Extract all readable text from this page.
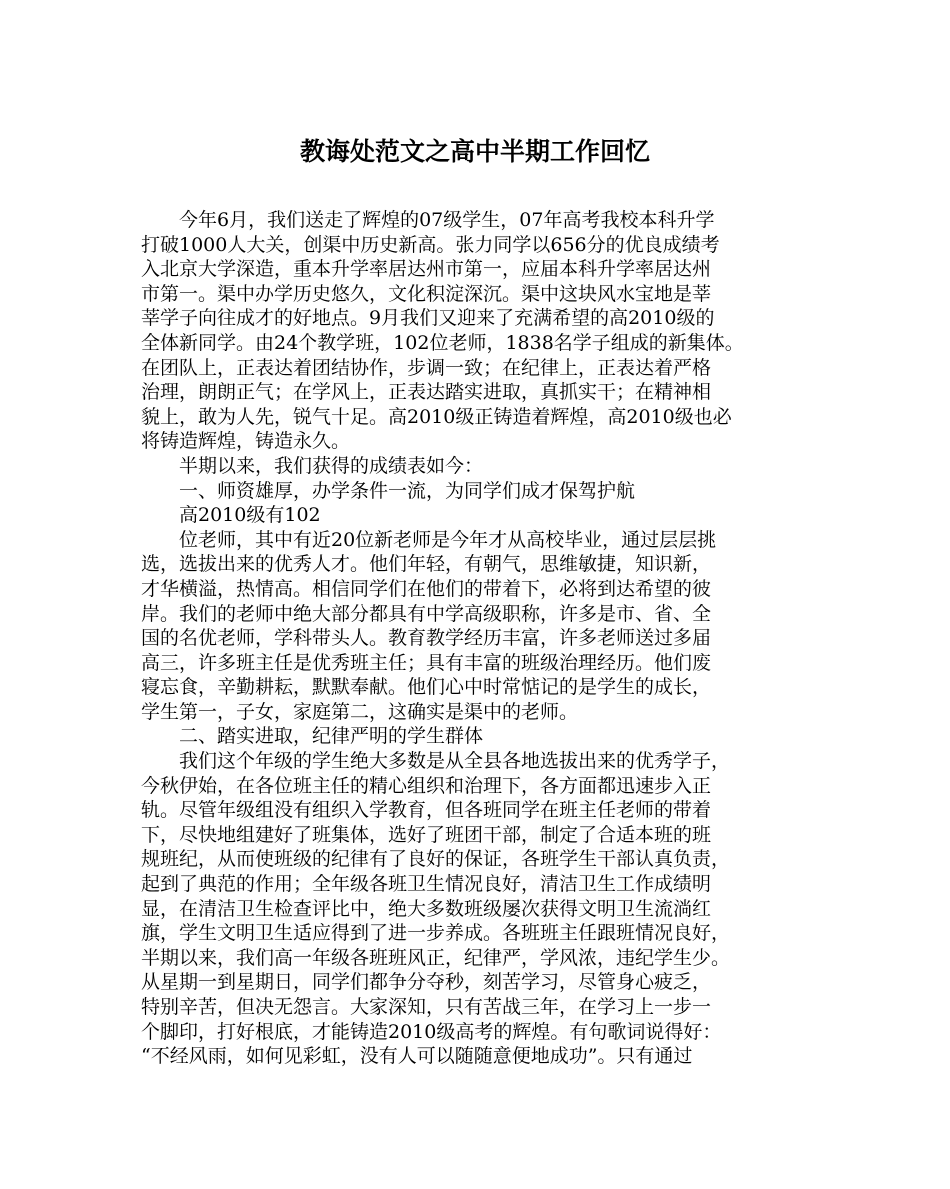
教诲处范文之高中半期工作回忆

　　今年6月，我们送走了辉煌的07级学生，07年高考我校本科升学

打破1000人大关，创渠中历史新高。张力同学以656分的优良成绩考

入北京大学深造，重本升学率居达州市第一，应届本科升学率居达州

市第一。渠中办学历史悠久，文化积淀深沉。渠中这块风水宝地是莘

莘学子向往成才的好地点。9月我们又迎来了充满希望的高2010级的

全体新同学。由24个教学班，102位老师，1838名学子组成的新集体。

在团队上，正表达着团结协作，步调一致；在纪律上，正表达着严格

治理，朗朗正气；在学风上，正表达踏实进取，真抓实干；在精神相

貌上，敢为人先，锐气十足。高2010级正铸造着辉煌，高2010级也必

将铸造辉煌，铸造永久。

　　半期以来，我们获得的成绩表如今：

　　一、师资雄厚，办学条件一流，为同学们成才保驾护航

　　高2010级有102

　　位老师，其中有近20位新老师是今年才从高校毕业，通过层层挑

选，选拔出来的优秀人才。他们年轻，有朝气，思维敏捷，知识新，

才华横溢，热情高。相信同学们在他们的带着下，必将到达希望的彼

岸。我们的老师中绝大部分都具有中学高级职称，许多是市、省、全

国的名优老师，学科带头人。教育教学经历丰富，许多老师送过多届

高三，许多班主任是优秀班主任；具有丰富的班级治理经历。他们废

寝忘食，辛勤耕耘，默默奉献。他们心中时常惦记的是学生的成长，

学生第一，子女，家庭第二，这确实是渠中的老师。

　　二、踏实进取，纪律严明的学生群体

　　我们这个年级的学生绝大多数是从全县各地选拔出来的优秀学子，

今秋伊始，在各位班主任的精心组织和治理下，各方面都迅速步入正

轨。尽管年级组没有组织入学教育，但各班同学在班主任老师的带着

下，尽快地组建好了班集体，选好了班团干部，制定了合适本班的班

规班纪，从而使班级的纪律有了良好的保证，各班学生干部认真负责，

起到了典范的作用；全年级各班卫生情况良好，清洁卫生工作成绩明

显，在清洁卫生检查评比中，绝大多数班级屡次获得文明卫生流淌红

旗，学生文明卫生适应得到了进一步养成。各班班主任跟班情况良好，

半期以来，我们高一年级各班班风正，纪律严，学风浓，违纪学生少。

从星期一到星期日，同学们都争分夺秒，刻苦学习，尽管身心疲乏，

特别辛苦，但决无怨言。大家深知，只有苦战三年，在学习上一步一

个脚印，打好根底，才能铸造2010级高考的辉煌。有句歌词说得好：

“不经风雨，如何见彩虹，没有人可以随随意便地成功”。只有通过
